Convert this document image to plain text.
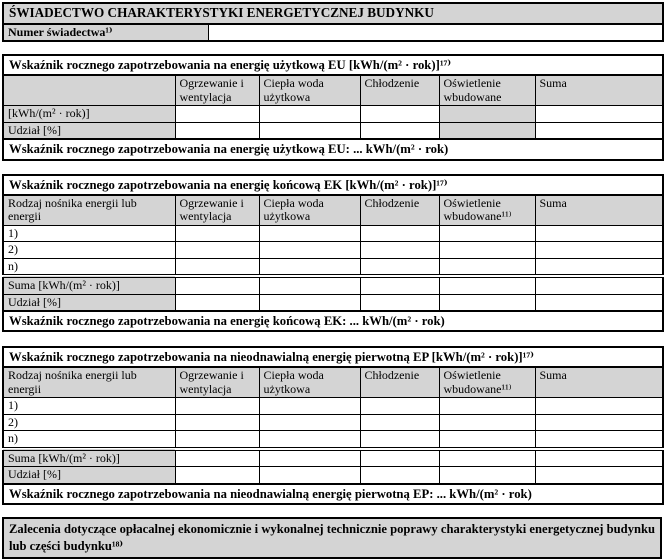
ŚWIADECTWO CHARAKTERYSTYKI ENERGETYCZNEJ BUDYNKU
Numer świadectwa¹⁾	
Wskaźnik rocznego zapotrzebowania na energię użytkową EU [kWh/(m² · rok)]¹⁷⁾					
	Ogrzewanie i wentylacja	Ciepła woda użytkowa	Chłodzenie	Oświetlenie wbudowane	Suma
[kWh/(m² · rok)]					
Udział [%]					
Wskaźnik rocznego zapotrzebowania na energię użytkową EU: ... kWh/(m² · rok)					
Wskaźnik rocznego zapotrzebowania na energię końcową EK [kWh/(m² · rok)]¹⁷⁾					
Rodzaj nośnika energii lub energii	Ogrzewanie i wentylacja	Ciepła woda użytkowa	Chłodzenie	Oświetlenie wbudowane¹¹⁾	Suma
1)					
2)					
n)					
Suma [kWh/(m² · rok)]					
Udział [%]					
Wskaźnik rocznego zapotrzebowania na energię końcową EK: ... kWh/(m² · rok)					
Wskaźnik rocznego zapotrzebowania na nieodnawialną energię pierwotną EP [kWh/(m² · rok)]¹⁷⁾					
Rodzaj nośnika energii lub energii	Ogrzewanie i wentylacja	Ciepła woda użytkowa	Chłodzenie	Oświetlenie wbudowane¹¹⁾	Suma
1)					
2)					
n)					
Suma [kWh/(m² · rok)]					
Udział [%]					
Wskaźnik rocznego zapotrzebowania na nieodnawialną energię pierwotną EP: ... kWh/(m² · rok)					
Zalecenia dotyczące opłacalnej ekonomicznie i wykonalnej technicznie poprawy charakterystyki energetycznej budynku lub części budynku¹⁸⁾
